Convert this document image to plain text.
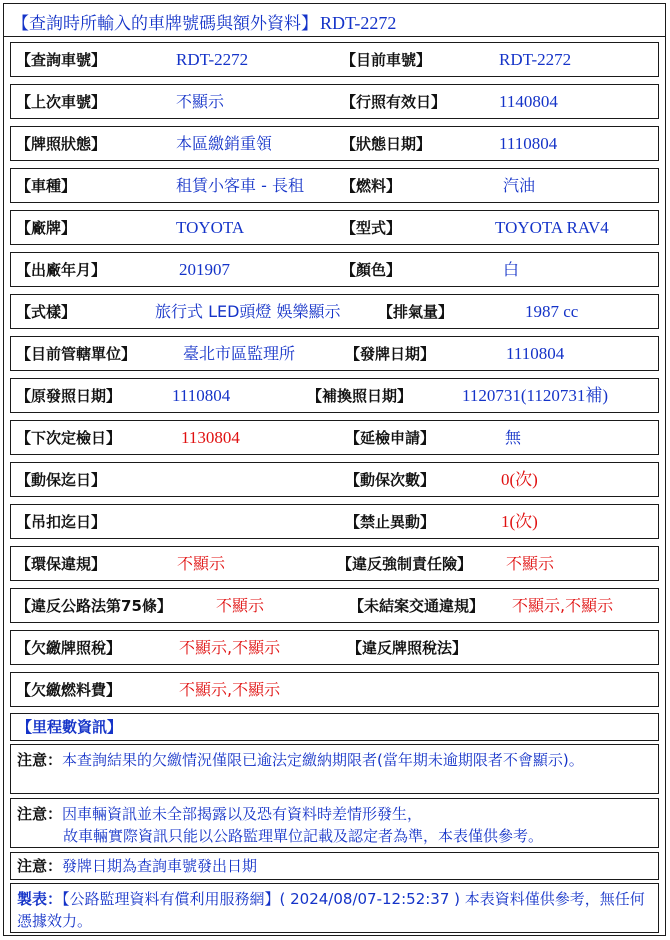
【查詢時所輸入的車牌號碼與額外資料】 RDT-2272
【查詢車號】	RDT-2272	【目前車號】	RDT-2272
【上次車號】	不顯示	【行照有效日】	1140804
【牌照狀態】	本區繳銷重領	【狀態日期】	1110804
【車種】	租賃小客車 - 長租 【燃料】	汽油
【廠牌】	TOYOTA	【型式】	TOYOTA RAV4
【出廠年月】	201907	【顏色】	白
【式樣】	旅行式 LED頭燈 娛樂顯示 【排氣量】	1987 cc
【目前管轄單位】	臺北市區監理所	【發牌日期】	1110804
【原發照日期】	1110804	【補換照日期】	1120731(1120731補)
【下次定檢日】	1130804	【延檢申請】	無
【動保迄日】	【動保次數】	0(次)
【吊扣迄日】	【禁止異動】	1(次)
【環保違規】	不顯示	【違反強制責任險】 不顯示
【違反公路法第75條】	不顯示	【未結案交通違規】 不顯示,不顯示
【欠繳牌照稅】	不顯示,不顯示	【違反牌照稅法】
【欠繳燃料費】	不顯示,不顯示
【里程數資訊】
注意：本查詢結果的欠繳情況僅限已逾法定繳納期限者(當年期未逾期限者不會顯示)。
注意：因車輛資訊並未全部揭露以及恐有資料時差情形發生，
故車輛實際資訊只能以公路監理單位記載及認定者為準，本表僅供參考。
注意：發牌日期為查詢車號發出日期
製表：【公路監理資料有償利用服務網】( 2024/08/07-12:52:37 ) 本表資料僅供參考，無任何憑據效力。
